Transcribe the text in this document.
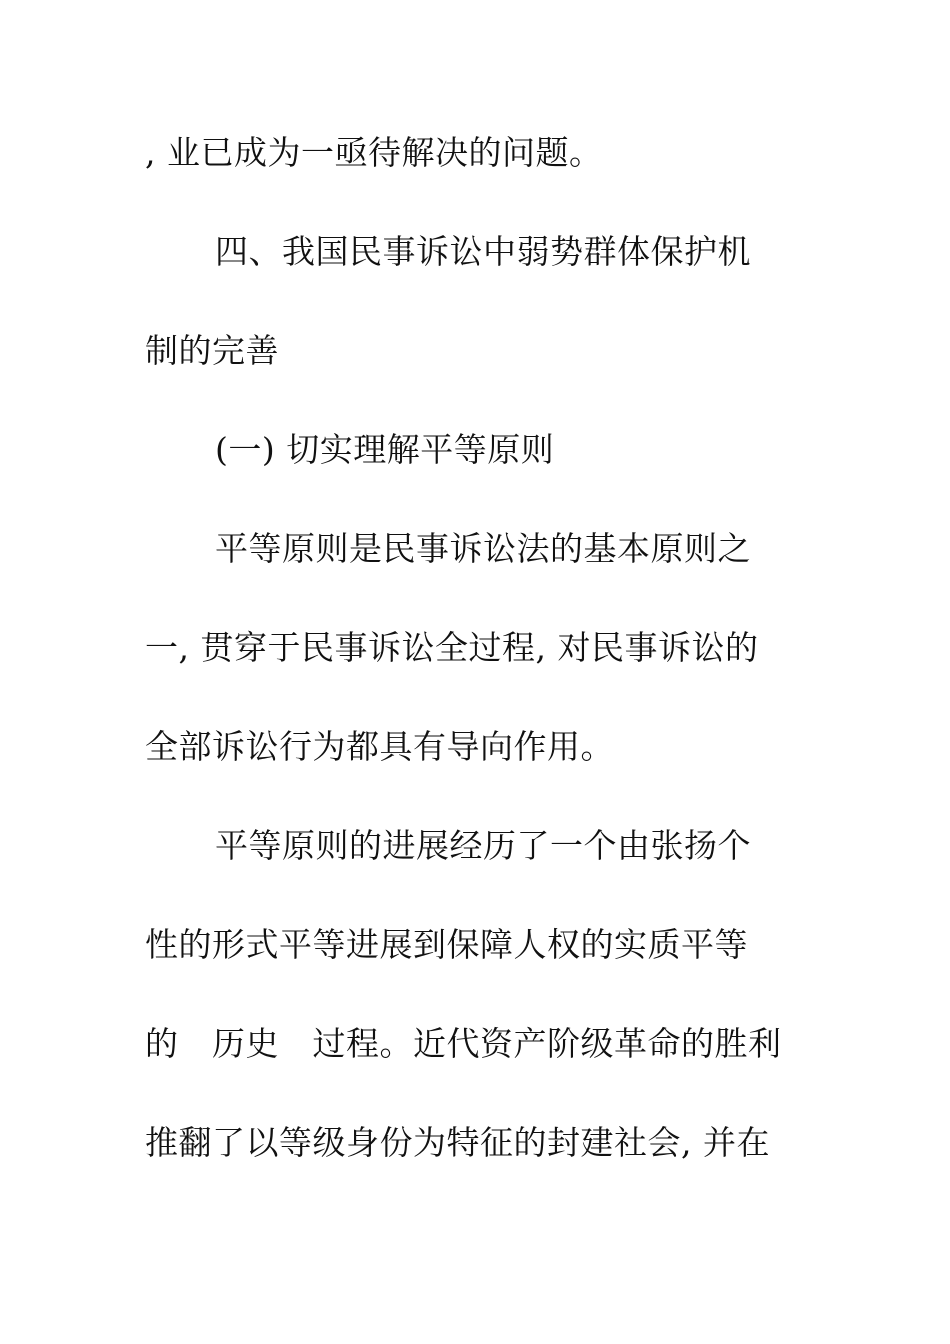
, 业已成为一亟待解决的问题。
四、我国民事诉讼中弱势群体保护机
制的完善
(一) 切实理解平等原则
平等原则是民事诉讼法的基本原则之
一, 贯穿于民事诉讼全过程, 对民事诉讼的
全部诉讼行为都具有导向作用。
平等原则的进展经历了一个由张扬个
性的形式平等进展到保障人权的实质平等
的　历史　过程。近代资产阶级革命的胜利
推翻了以等级身份为特征的封建社会, 并在
